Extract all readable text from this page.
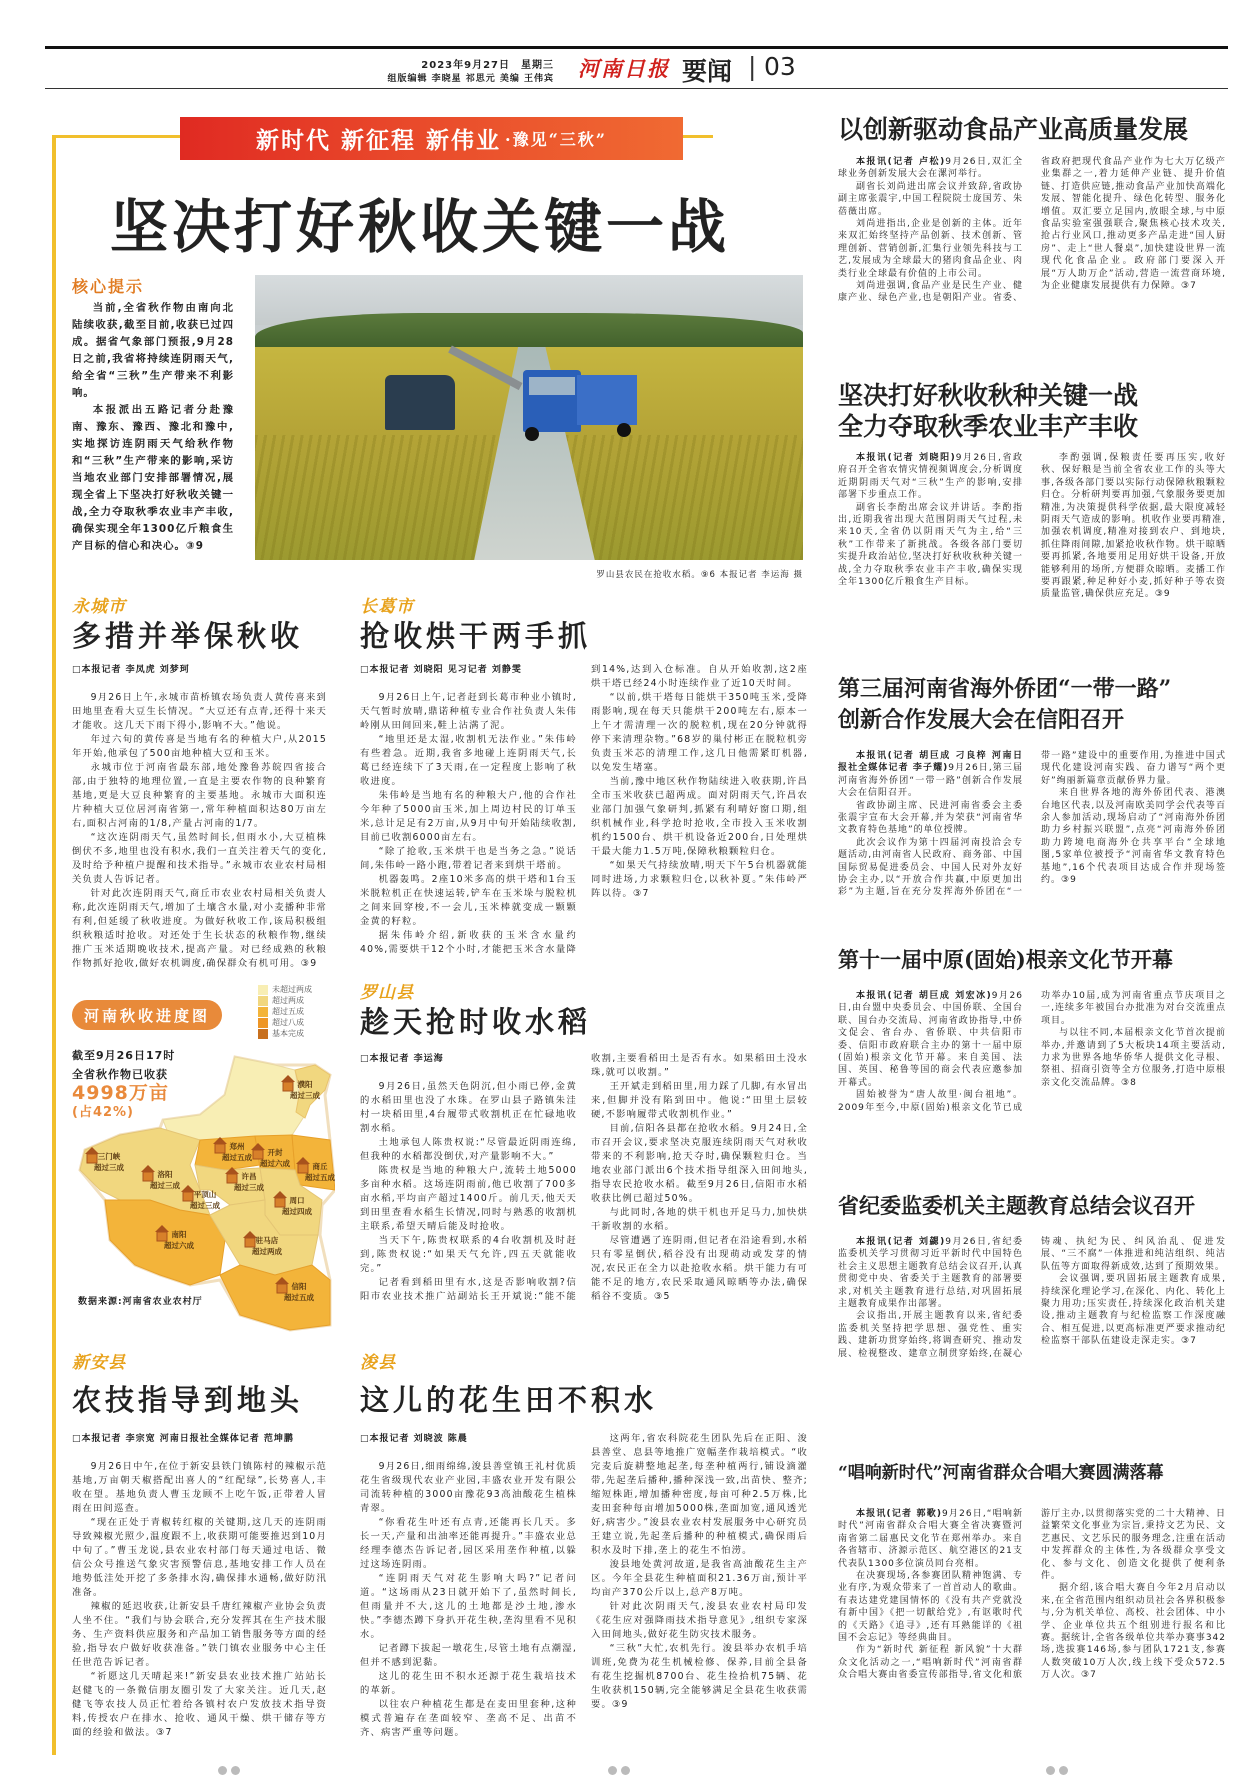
2023年9月27日　星期三
组版编辑 李晓星 祁思元 美编 王伟宾 河南日报 要闻 | 03
新时代 新征程 新伟业 ·豫见“三秋”
坚决打好秋收关键一战
核心提示

当前,全省秋作物由南向北陆续收获,截至目前,收获已过四成。据省气象部门预报,9月28日之前,我省将持续连阴雨天气,给全省“三秋”生产带来不利影响。

本报派出五路记者分赴豫南、豫东、豫西、豫北和豫中,实地探访连阴雨天气给秋作物和“三秋”生产带来的影响,采访当地农业部门安排部署情况,展现全省上下坚决打好秋收关键一战,全力夺取秋季农业丰产丰收,确保实现全年1300亿斤粮食生产目标的信心和决心。③9

罗山县农民在抢收水稻。⑨6 本报记者 李运海 摄
永城市
多措并举保秋收
□本报记者 李凤虎 刘梦珂

9月26日上午,永城市苗桥镇农场负责人黄传喜来到田地里查看大豆生长情况。“大豆还有点青,还得十来天才能收。这几天下雨下得小,影响不大。”他说。

年过六旬的黄传喜是当地有名的种植大户,从2015年开始,他承包了500亩地种植大豆和玉米。

永城市位于河南省最东部,地处豫鲁苏皖四省接合部,由于独特的地理位置,一直是主要农作物的良种繁育基地,更是大豆良种繁育的主要基地。永城市大面积连片种植大豆位居河南省第一,常年种植面积达80万亩左右,面积占河南的1/8,产量占河南的1/7。

“这次连阴雨天气,虽然时间长,但雨水小,大豆植株倒伏不多,地里也没有积水,我们一直关注着天气的变化,及时给予种植户提醒和技术指导。”永城市农业农村局相关负责人告诉记者。

针对此次连阴雨天气,商丘市农业农村局相关负责人称,此次连阴雨天气,增加了土壤含水量,对小麦播种非常有利,但延缓了秋收进度。为做好秋收工作,该局积极组织秋粮适时抢收。对还处于生长状态的秋粮作物,继续推广玉米适期晚收技术,提高产量。对已经成熟的秋粮作物抓好抢收,做好农机调度,确保群众有机可用。③9

长葛市
抢收烘干两手抓
□本报记者 刘晓阳 见习记者 刘静雯

9月26日上午,记者赶到长葛市种业小镇时,天气暂时放晴,鼎诺种植专业合作社负责人朱伟岭刚从田间回来,鞋上沾满了泥。

“地里还是太湿,收割机无法作业。”朱伟岭有些着急。近期,我省多地碰上连阴雨天气,长葛已经连续下了3天雨,在一定程度上影响了秋收进度。

朱伟岭是当地有名的种粮大户,他的合作社今年种了5000亩玉米,加上周边村民的订单玉米,总计足足有2万亩,从9月中旬开始陆续收割,目前已收割6000亩左右。

“除了抢收,玉米烘干也是当务之急。”说话间,朱伟岭一路小跑,带着记者来到烘干塔前。

机器轰鸣。2座10米多高的烘干塔和1台玉米脱粒机正在快速运转,铲车在玉米垛与脱粒机之间来回穿梭,不一会儿,玉米棒就变成一颗颗金黄的籽粒。

据朱伟岭介绍,新收获的玉米含水量约40%,需要烘干12个小时,才能把玉米含水量降到14%,达到入仓标准。自从开始收割,这2座烘干塔已经24小时连续作业了近10天时间。

“以前,烘干塔每日能烘干350吨玉米,受降雨影响,现在每天只能烘干200吨左右,原本一上午才需清理一次的脱粒机,现在20分钟就得停下来清理杂物。”68岁的巢付彬正在脱粒机旁负责玉米芯的清理工作,这几日他需紧盯机器,以免发生堵塞。

当前,豫中地区秋作物陆续进入收获期,许昌全市玉米收获已超两成。面对阴雨天气,许昌农业部门加强气象研判,抓紧有利晴好窗口期,组织机械作业,科学抢时抢收,全市投入玉米收割机约1500台、烘干机设备近200台,日处理烘干最大能力1.5万吨,保障秋粮颗粒归仓。

“如果天气持续放晴,明天下午5台机器就能同时进场,力求颗粒归仓,以秋补夏。”朱伟岭严阵以待。③7

河南秋收进度图
未超过两成
超过两成
超过五成
超过八成
基本完成
濮阳
超过三成
三门峡
超过三成
洛阳
超过三成
郑州
超过五成
开封
超过六成	商丘
超过五成
许昌
超过三成
平顶山
超过三成
周口
超过四成
南阳
超过六成
驻马店
超过两成
信阳
超过五成
截至9月26日17时
全省秋作物已收获
4998万亩
(占42%)
数据来源:河南省农业农村厅
罗山县
趁天抢时收水稻
□本报记者 李运海

9月26日,虽然天色阴沉,但小雨已停,金黄的水稻田里也没了水珠。在罗山县子路镇朱洼村一块稻田里,4台履带式收割机正在忙碌地收割水稻。

土地承包人陈贵权说:“尽管最近阴雨连绵,但我种的水稻都没倒伏,对产量影响不大。”

陈贵权是当地的种粮大户,流转土地5000多亩种水稻。这场连阴雨前,他已收割了700多亩水稻,平均亩产超过1400斤。前几天,他天天到田里查看水稻生长情况,同时与熟悉的收割机主联系,希望天晴后能及时抢收。

当天下午,陈贵权联系的4台收割机及时赶到,陈贵权说:“如果天气允许,四五天就能收完。”

记者看到稻田里有水,这是否影响收割?信阳市农业技术推广站副站长王开斌说:“能不能收割,主要看稻田土是否有水。如果稻田土没水珠,就可以收割。”

王开斌走到稻田里,用力踩了几脚,有水冒出来,但脚并没有陷到田中。他说:“田里土层较硬,不影响履带式收割机作业。”

目前,信阳各县都在抢收水稻。9月24日,全市召开会议,要求坚决克服连续阴雨天气对秋收带来的不利影响,抢天夺时,确保颗粒归仓。当地农业部门派出6个技术指导组深入田间地头,指导农民抢收水稻。截至9月26日,信阳市水稻收获比例已超过50%。

与此同时,各地的烘干机也开足马力,加快烘干新收割的水稻。

尽管遭遇了连阴雨,但记者在沿途看到,水稻只有零星倒伏,稻谷没有出现萌动或发芽的情况,农民正在全力以赴抢收水稻。烘干能力有可能不足的地方,农民采取通风晾晒等办法,确保稻谷不变质。③5

新安县
农技指导到地头
□本报记者 李宗宽 河南日报社全媒体记者 范坤鹏

9月26日中午,在位于新安县铁门镇陈村的辣椒示范基地,万亩朝天椒搭配出喜人的“红配绿”,长势喜人,丰收在望。基地负责人曹玉龙顾不上吃午饭,正带着人冒雨在田间巡查。

“现在正处于青椒转红椒的关键期,这几天的连阴雨导致辣椒光照少,温度跟不上,收获期可能要推迟到10月中旬了。”曹玉龙说,县农业农村部门每天通过电话、微信公众号推送气象灾害预警信息,基地安排工作人员在地势低洼处开挖了多条排水沟,确保排水通畅,做好防汛准备。

辣椒的延迟收获,让新安县千唐红辣椒产业协会负责人坐不住。“我们与协会联合,充分发挥其在生产技术服务、生产资料供应服务和产品加工销售服务等方面的经验,指导农户做好收获准备。”铁门镇农业服务中心主任任世范告诉记者。

“祈愿这几天晴起来!”新安县农业技术推广站站长赵健飞的一条微信朋友圈引发了大家关注。近几天,赵健飞等农技人员正忙着给各镇村农户发放技术指导资料,传授农户在排水、抢收、通风干燥、烘干储存等方面的经验和做法。③7

浚县
这儿的花生田不积水
□本报记者 刘晓波 陈晨

9月26日,细雨绵绵,浚县善堂镇王礼村优质花生省级现代农业产业园,丰盛农业开发有限公司流转种植的3000亩豫花93高油酸花生植株青翠。

“你看花生叶还有点青,还能再长几天。多长一天,产量和出油率还能再提升。”丰盛农业总经理李德杰告诉记者,园区采用垄作种植,以躲过这场连阴雨。

“连阴雨天气对花生影响大吗?”记者问道。“这场雨从23日就开始下了,虽然时间长,但雨量并不大,这儿的土地都是沙土地,渗水快。”李德杰蹲下身扒开花生秧,垄沟里看不见积水。

记者蹲下拔起一墩花生,尽管土地有点潮湿,但并不感到泥黏。

这儿的花生田不积水还源于花生栽培技术的革新。

以往农户种植花生都是在麦田里套种,这种模式普遍存在垄面较窄、垄高不足、出苗不齐、病害严重等问题。

这两年,省农科院花生团队先后在正阳、浚县善堂、息县等地推广宽幅垄作栽培模式。“收完麦后旋耕整地起垄,每垄种植两行,铺设滴灌带,先起垄后播种,播种深浅一致,出苗快、整齐;缩短株距,增加播种密度,每亩可种2.5万株,比麦田套种每亩增加5000株,垄面加宽,通风透光好,病害少。”浚县农业农村发展服务中心研究员王建立说,先起垄后播种的种植模式,确保雨后积水及时下排,垄上的花生不怕涝。

浚县地处黄河故道,是我省高油酸花生主产区。今年全县花生种植面积21.36万亩,预计平均亩产370公斤以上,总产8万吨。

针对此次阴雨天气,浚县农业农村局印发《花生应对强降雨技术指导意见》,组织专家深入田间地头,做好花生防灾技术服务。

“三秋”大忙,农机先行。浚县举办农机手培训班,免费为花生机械检修、保养,目前全县备有花生挖掘机8700台、花生捡拾机75辆、花生收获机150辆,完全能够满足全县花生收获需要。③9

以创新驱动食品产业高质量发展

本报讯(记者 卢松)9月26日,双汇全球业务创新发展大会在漯河举行。

副省长刘尚进出席会议并致辞,省政协副主席张震宇,中国工程院院士庞国芳、朱蓓薇出席。

刘尚进指出,企业是创新的主体。近年来双汇始终坚持产品创新、技术创新、管理创新、营销创新,汇集行业领先科技与工艺,发展成为全球最大的猪肉食品企业、肉类行业全球最有价值的上市公司。

刘尚进强调,食品产业是民生产业、健康产业、绿色产业,也是朝阳产业。省委、省政府把现代食品产业作为七大万亿级产业集群之一,着力延伸产业链、提升价值链、打造供应链,推动食品产业加快高端化发展、智能化提升、绿色化转型、服务化增值。双汇要立足国内,放眼全球,与中原食品实验室强强联合,聚焦核心技术攻关,抢占行业风口,推动更多产品走进“国人厨房”、走上“世人餐桌”,加快建设世界一流现代化食品企业。政府部门要深入开展“万人助万企”活动,营造一流营商环境,为企业健康发展提供有力保障。③7

坚决打好秋收秋种关键一战
全力夺取秋季农业丰产丰收

本报讯(记者 刘晓阳)9月26日,省政府召开全省农情灾情视频调度会,分析调度近期阴雨天气对“三秋”生产的影响,安排部署下步重点工作。

副省长李酌出席会议并讲话。李酌指出,近期我省出现大范围阴雨天气过程,未来10天,全省仍以阴雨天气为主,给“三秋”工作带来了新挑战。各级各部门要切实提升政治站位,坚决打好秋收秋种关键一战,全力夺取秋季农业丰产丰收,确保实现全年1300亿斤粮食生产目标。

李酌强调,保粮责任要再压实,收好秋、保好粮是当前全省农业工作的头等大事,各级各部门要以实际行动保障秋粮颗粒归仓。分析研判要再加强,气象服务要更加精准,为决策提供科学依据,最大限度减轻阴雨天气造成的影响。机收作业要再精准,加强农机调度,精准对接到农户、到地块,抓住降雨间隙,加紧抢收秋作物。烘干晾晒要再抓紧,各地要用足用好烘干设备,开放能够利用的场所,方便群众晾晒。麦播工作要再跟紧,种足种好小麦,抓好种子等农资质量监管,确保供应充足。③9

第三届河南省海外侨团“一带一路”
创新合作发展大会在信阳召开

本报讯(记者 胡巨成 刁良梓 河南日报社全媒体记者 李子耀)9月26日,第三届河南省海外侨团“一带一路”创新合作发展大会在信阳召开。

省政协副主席、民进河南省委会主委张震宇宣布大会开幕,并为荣获“河南省华文教育特色基地”的单位授牌。

此次会议作为第十四届河南投洽会专题活动,由河南省人民政府、商务部、中国国际贸易促进委员会、中国人民对外友好协会主办,以“开放合作共赢,中原更加出彩”为主题,旨在充分发挥海外侨团在“一带一路”建设中的重要作用,为推进中国式现代化建设河南实践、奋力谱写“两个更好”绚丽新篇章贡献侨界力量。

来自世界各地的海外侨团代表、港澳台地区代表,以及河南欧美同学会代表等百余人参加活动,现场启动了“河南海外侨团助力乡村振兴联盟”,点亮“河南海外侨团助力跨境电商海外仓共享平台”全球地图,5家单位被授予“河南省华文教育特色基地”,16个代表项目达成合作并现场签约。③9

第十一届中原(固始)根亲文化节开幕

本报讯(记者 胡巨成 刘宏冰)9月26日,由台盟中央委员会、中国侨联、全国台联、国台办交流局、河南省政协指导,中侨文促会、省台办、省侨联、中共信阳市委、信阳市政府联合主办的第十一届中原(固始)根亲文化节开幕。来自美国、法国、英国、秘鲁等国的商会代表应邀参加开幕式。

固始被誉为“唐人故里·闽台祖地”。2009年至今,中原(固始)根亲文化节已成功举办10届,成为河南省重点节庆项目之一,连续多年被国台办批准为对台交流重点项目。

与以往不同,本届根亲文化节首次提前举办,并邀请到了5大板块14项主要活动,力求为世界各地华侨华人提供文化寻根、祭祖、招商引资等全方位服务,打造中原根亲文化交流品牌。③8

省纪委监委机关主题教育总结会议召开

本报讯(记者 刘勰)9月26日,省纪委监委机关学习贯彻习近平新时代中国特色社会主义思想主题教育总结会议召开,认真贯彻党中央、省委关于主题教育的部署要求,对机关主题教育进行总结,对巩固拓展主题教育成果作出部署。

会议指出,开展主题教育以来,省纪委监委机关坚持把学思想、强党性、重实践、建新功贯穿始终,将调查研究、推动发展、检视整改、建章立制贯穿始终,在凝心铸魂、执纪为民、纠风治乱、促进发展、“三不腐”一体推进和纯洁组织、纯洁队伍等方面取得新成效,达到了预期效果。

会议强调,要巩固拓展主题教育成果,持续深化理论学习,在深化、内化、转化上聚力用功;压实责任,持续深化政治机关建设,推动主题教育与纪检监察工作深度融合、相互促进,以更高标准更严要求推动纪检监察干部队伍建设走深走实。③7

“唱响新时代”河南省群众合唱大赛圆满落幕

本报讯(记者 郭歌)9月26日,“唱响新时代”河南省群众合唱大赛全省决赛暨河南省第二届惠民文化节在郑州举办。来自各省辖市、济源示范区、航空港区的21支代表队1300多位演员同台亮相。

在决赛现场,各参赛团队精神饱满、专业有序,为观众带来了一首首动人的歌曲。有表达建党建国情怀的《没有共产党就没有新中国》《把一切献给党》,有讴歌时代的《天路》《追寻》,还有耳熟能详的《祖国不会忘记》等经典曲目。

作为“新时代 新征程 新风貌”十大群众文化活动之一,“唱响新时代”河南省群众合唱大赛由省委宣传部指导,省文化和旅游厅主办,以贯彻落实党的二十大精神、日益繁荣文化事业为宗旨,秉持文艺为民、文艺惠民、文艺乐民的服务理念,注重在活动中发挥群众的主体性,为各级群众享受文化、参与文化、创造文化提供了便利条件。

据介绍,该合唱大赛自今年2月启动以来,在全省范围内组织动员社会各界积极参与,分为机关单位、高校、社会团体、中小学、企业单位共五个组别进行报名和比赛。据统计,全省各级单位共举办赛事342场,选拔赛146场,参与团队1721支,参赛人数突破10万人次,线上线下受众572.5万人次。③7
